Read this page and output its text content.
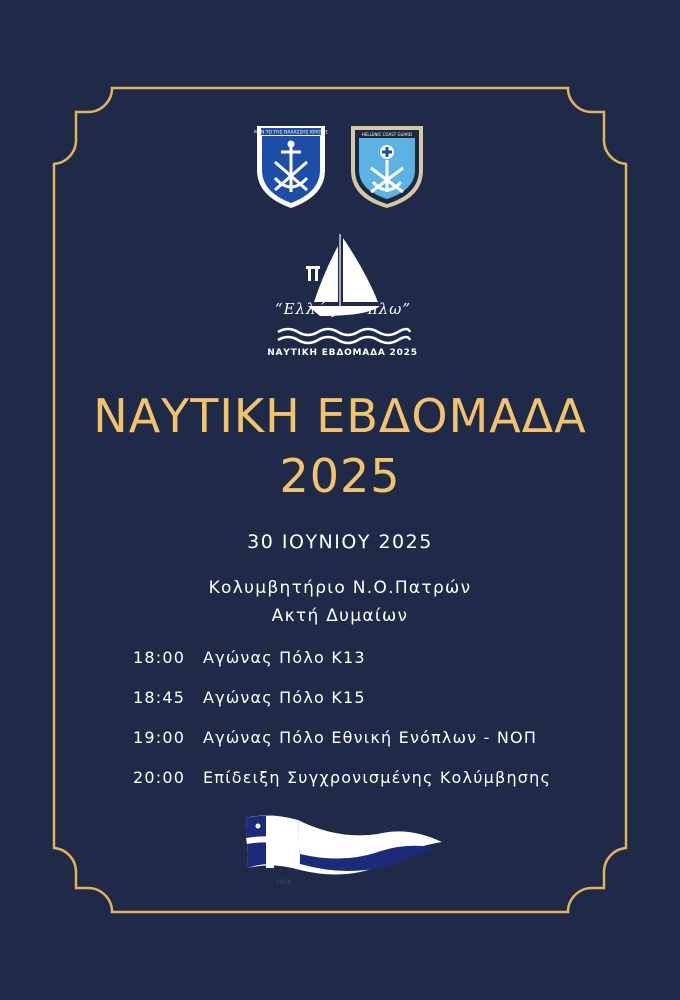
ΜΕΝ ΤΟ ΤΗΣ ΘΑΛΑΣΣΗΣ ΚΡΑΤΟΣ
	HELLENIC COAST GUARD
“Ελλάς εν πλω”
ΝΑΥΤΙΚΗ ΕΒΔΟΜΑΔΑ 2025
ΝΑΥΤΙΚΗ ΕΒΔΟΜΑΔΑ
2025
30 ΙΟΥΝΙΟΥ 2025
Κολυμβητήριο Ν.Ο.Πατρών
Ακτή Δυμαίων
18:00 Αγώνας Πόλο Κ13
18:45 Αγώνας Πόλο Κ15
19:00 Αγώνας Πόλο Εθνική Ενόπλων - ΝΟΠ
20:00 Επίδειξη Συγχρονισμένης Κολύμβησης
1928
